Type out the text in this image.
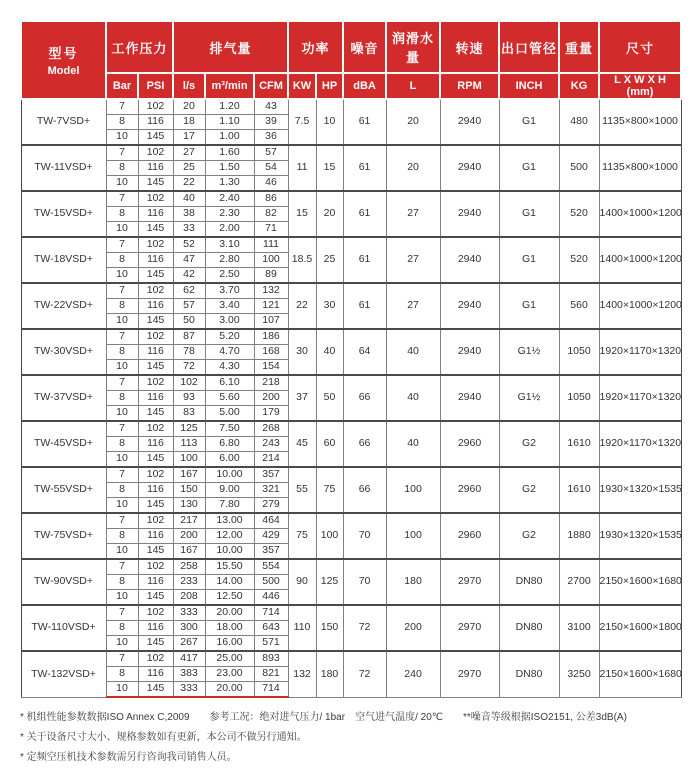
型号
Model	工作压力		排气量			功率		噪音	润滑水量	转速	出口管径	重量	尺寸
	Bar	PSI	l/s	m³/min	CFM	KW	HP	dBA	L	RPM	INCH	KG	L X W X H (mm)
TW-7VSD+	7	102	20	1.20	43	7.5	10	61	20	2940	G1	480	1135×800×1000
	8	116	18	1.10	39								
	10	145	17	1.00	36								
TW-11VSD+	7	102	27	1.60	57	11	15	61	20	2940	G1	500	1135×800×1000
	8	116	25	1.50	54								
	10	145	22	1.30	46								
TW-15VSD+	7	102	40	2.40	86	15	20	61	27	2940	G1	520	1400×1000×1200
	8	116	38	2.30	82								
	10	145	33	2.00	71								
TW-18VSD+	7	102	52	3.10	111	18.5	25	61	27	2940	G1	520	1400×1000×1200
	8	116	47	2.80	100								
	10	145	42	2.50	89								
TW-22VSD+	7	102	62	3.70	132	22	30	61	27	2940	G1	560	1400×1000×1200
	8	116	57	3.40	121								
	10	145	50	3.00	107								
TW-30VSD+	7	102	87	5.20	186	30	40	64	40	2940	G1½	1050	1920×1170×1320
	8	116	78	4.70	168								
	10	145	72	4.30	154								
TW-37VSD+	7	102	102	6.10	218	37	50	66	40	2940	G1½	1050	1920×1170×1320
	8	116	93	5.60	200								
	10	145	83	5.00	179								
TW-45VSD+	7	102	125	7.50	268	45	60	66	40	2960	G2	1610	1920×1170×1320
	8	116	113	6.80	243								
	10	145	100	6.00	214								
TW-55VSD+	7	102	167	10.00	357	55	75	66	100	2960	G2	1610	1930×1320×1535
	8	116	150	9.00	321								
	10	145	130	7.80	279								
TW-75VSD+	7	102	217	13.00	464	75	100	70	100	2960	G2	1880	1930×1320×1535
	8	116	200	12.00	429								
	10	145	167	10.00	357								
TW-90VSD+	7	102	258	15.50	554	90	125	70	180	2970	DN80	2700	2150×1600×1680
	8	116	233	14.00	500								
	10	145	208	12.50	446								
TW-110VSD+	7	102	333	20.00	714	110	150	72	200	2970	DN80	3100	2150×1600×1800
	8	116	300	18.00	643								
	10	145	267	16.00	571								
TW-132VSD+	7	102	417	25.00	893	132	180	72	240	2970	DN80	3250	2150×1600×1680
	8	116	383	23.00	821								
	10	145	333	20.00	714								
* 机组性能参数数据ISO Annex C,2009　　参考工况：绝对进气压力/ 1bar　空气进气温度/ 20℃　　**噪音等级根据ISO2151, 公差3dB(A)
* 关于设备尺寸大小、规格参数如有更新，本公司不做另行通知。
* 定频空压机技术参数需另行咨询我司销售人员。
